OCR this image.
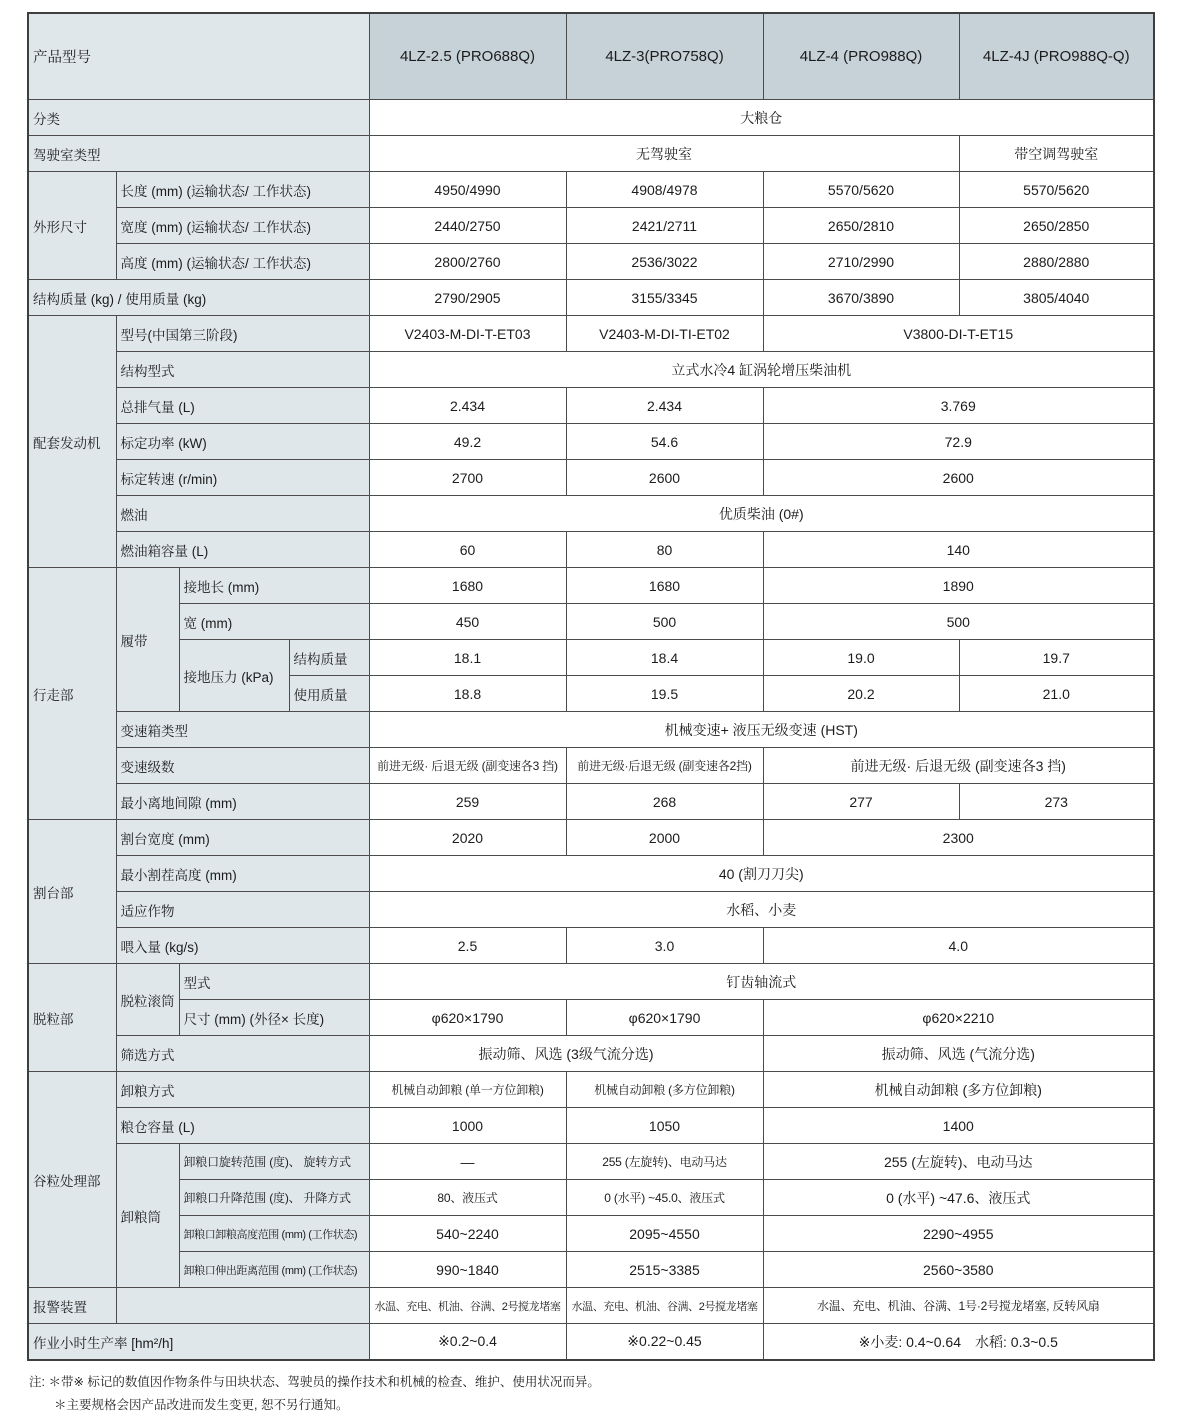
产品型号				4LZ-2.5 (PRO688Q)	4LZ-3(PRO758Q)	4LZ-4 (PRO988Q)	4LZ-4J (PRO988Q-Q)
分类				大粮仓			
驾驶室类型				无驾驶室			带空调驾驶室
外形尺寸	长度 (mm) (运输状态/ 工作状态)			4950/4990	4908/4978	5570/5620	5570/5620
	宽度 (mm) (运输状态/ 工作状态)			2440/2750	2421/2711	2650/2810	2650/2850
	高度 (mm) (运输状态/ 工作状态)			2800/2760	2536/3022	2710/2990	2880/2880
结构质量 (kg) / 使用质量 (kg)				2790/2905	3155/3345	3670/3890	3805/4040
配套发动机	型号(中国第三阶段)			V2403-M-DI-T-ET03	V2403-M-DI-TI-ET02	V3800-DI-T-ET15	
	结构型式			立式水冷4 缸涡轮增压柴油机			
	总排气量 (L)			2.434	2.434	3.769	
	标定功率 (kW)			49.2	54.6	72.9	
	标定转速 (r/min)			2700	2600	2600	
	燃油			优质柴油 (0#)			
	燃油箱容量 (L)			60	80	140	
行走部	履带	接地长 (mm)		1680	1680	1890	
		宽 (mm)		450	500	500	
		接地压力 (kPa)	结构质量	18.1	18.4	19.0	19.7
			使用质量	18.8	19.5	20.2	21.0
	变速箱类型			机械变速+ 液压无级变速 (HST)			
	变速级数			前进无级· 后退无级 (副变速各3 挡)	前进无级·后退无级 (副变速各2挡)	前进无级· 后退无级 (副变速各3 挡)	
	最小离地间隙 (mm)			259	268	277	273
割台部	割台宽度 (mm)			2020	2000	2300	
	最小割茬高度 (mm)			40 (割刀刀尖)			
	适应作物			水稻、小麦			
	喂入量 (kg/s)			2.5	3.0	4.0	
脱粒部	脱粒滚筒	型式		钉齿轴流式			
		尺寸 (mm) (外径× 长度)		φ620×1790	φ620×1790	φ620×2210	
	筛选方式			振动筛、风选 (3级气流分选)		振动筛、风选 (气流分选)	
谷粒处理部	卸粮方式			机械自动卸粮 (单一方位卸粮)	机械自动卸粮 (多方位卸粮)	机械自动卸粮 (多方位卸粮)	
	粮仓容量 (L)			1000	1050	1400	
	卸粮筒	卸粮口旋转范围 (度)、 旋转方式		—	255 (左旋转)、电动马达	255 (左旋转)、电动马达	
		卸粮口升降范围 (度)、 升降方式		80、液压式	0 (水平) ~45.0、液压式	0 (水平) ~47.6、液压式	
		卸粮口卸粮高度范围 (mm) (工作状态)		540~2240	2095~4550	2290~4955	
		卸粮口伸出距离范围 (mm) (工作状态)		990~1840	2515~3385	2560~3580	
报警装置				水温、充电、机油、谷满、2号搅龙堵塞	水温、充电、机油、谷满、2号搅龙堵塞	水温、充电、机油、谷满、1号·2号搅龙堵塞, 反转风扇	
作业小时生产率 [hm²/h]				※0.2~0.4	※0.22~0.45	※小麦: 0.4~0.64　水稻: 0.3~0.5	
注: ＊带※ 标记的数值因作物条件与田块状态、驾驶员的操作技术和机械的检查、维护、使用状况而异。
＊主要规格会因产品改进而发生变更, 恕不另行通知。
